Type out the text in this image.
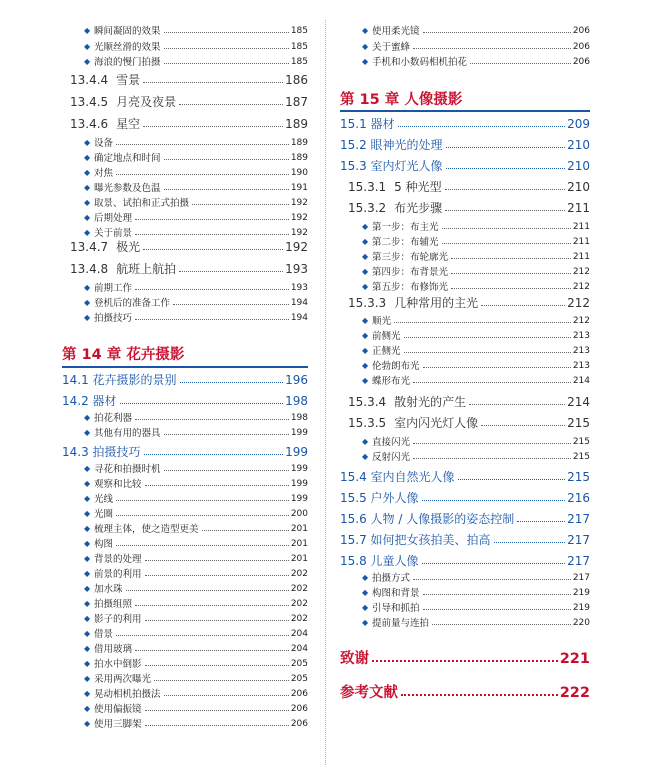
◆ 瞬间凝固的效果	185
◆ 光顺丝滑的效果	185
◆ 海浪的慢门拍摄	185
13.4.4 雪景	186
13.4.5 月亮及夜景	187
13.4.6 星空	189
◆ 设备	189
◆ 确定地点和时间	189
◆ 对焦	190
◆ 曝光参数及色温	191
◆ 取景、试拍和正式拍摄	192
◆ 后期处理	192
◆ 关于前景	192
13.4.7 极光	192
13.4.8 航班上航拍	193
◆ 前期工作	193
◆ 登机后的准备工作	194
◆ 拍摄技巧	194
第 14 章 花卉摄影
14.1 花卉摄影的景别	196
14.2 器材	198
◆ 拍花利器	198
◆ 其他有用的器具	199
14.3 拍摄技巧	199
◆ 寻花和拍摄时机	199
◆ 观察和比较	199
◆ 光线	199
◆ 光圈	200
◆ 梳理主体，使之造型更美	201
◆ 构图	201
◆ 背景的处理	201
◆ 前景的利用	202
◆ 加水珠	202
◆ 拍摄组照	202
◆ 影子的利用	202
◆ 借景	204
◆ 借用玻璃	204
◆ 拍水中倒影	205
◆ 采用两次曝光	205
◆ 晃动相机拍摄法	206
◆ 使用偏振镜	206
◆ 使用三脚架	206
◆ 使用柔光镜	206
◆ 关于蜜蜂	206
◆ 手机和小数码相机拍花	206
第 15 章 人像摄影
15.1 器材	209
15.2 眼神光的处理	210
15.3 室内灯光人像	210
15.3.1 5 种光型	210
15.3.2 布光步骤	211
◆ 第一步：布主光	211
◆ 第二步：布辅光	211
◆ 第三步：布轮廓光	211
◆ 第四步：布背景光	212
◆ 第五步：布修饰光	212
15.3.3 几种常用的主光	212
◆ 顺光	212
◆ 前侧光	213
◆ 正侧光	213
◆ 伦勃朗布光	213
◆ 蝶形布光	214
15.3.4 散射光的产生	214
15.3.5 室内闪光灯人像	215
◆ 直接闪光	215
◆ 反射闪光	215
15.4 室内自然光人像	215
15.5 户外人像	216
15.6 人物 / 人像摄影的姿态控制	217
15.7 如何把女孩拍美、拍高	217
15.8 儿童人像	217
◆ 拍摄方式	217
◆ 构图和背景	219
◆ 引导和抓拍	219
◆ 提前量与连拍	220
致谢	221
参考文献	222
